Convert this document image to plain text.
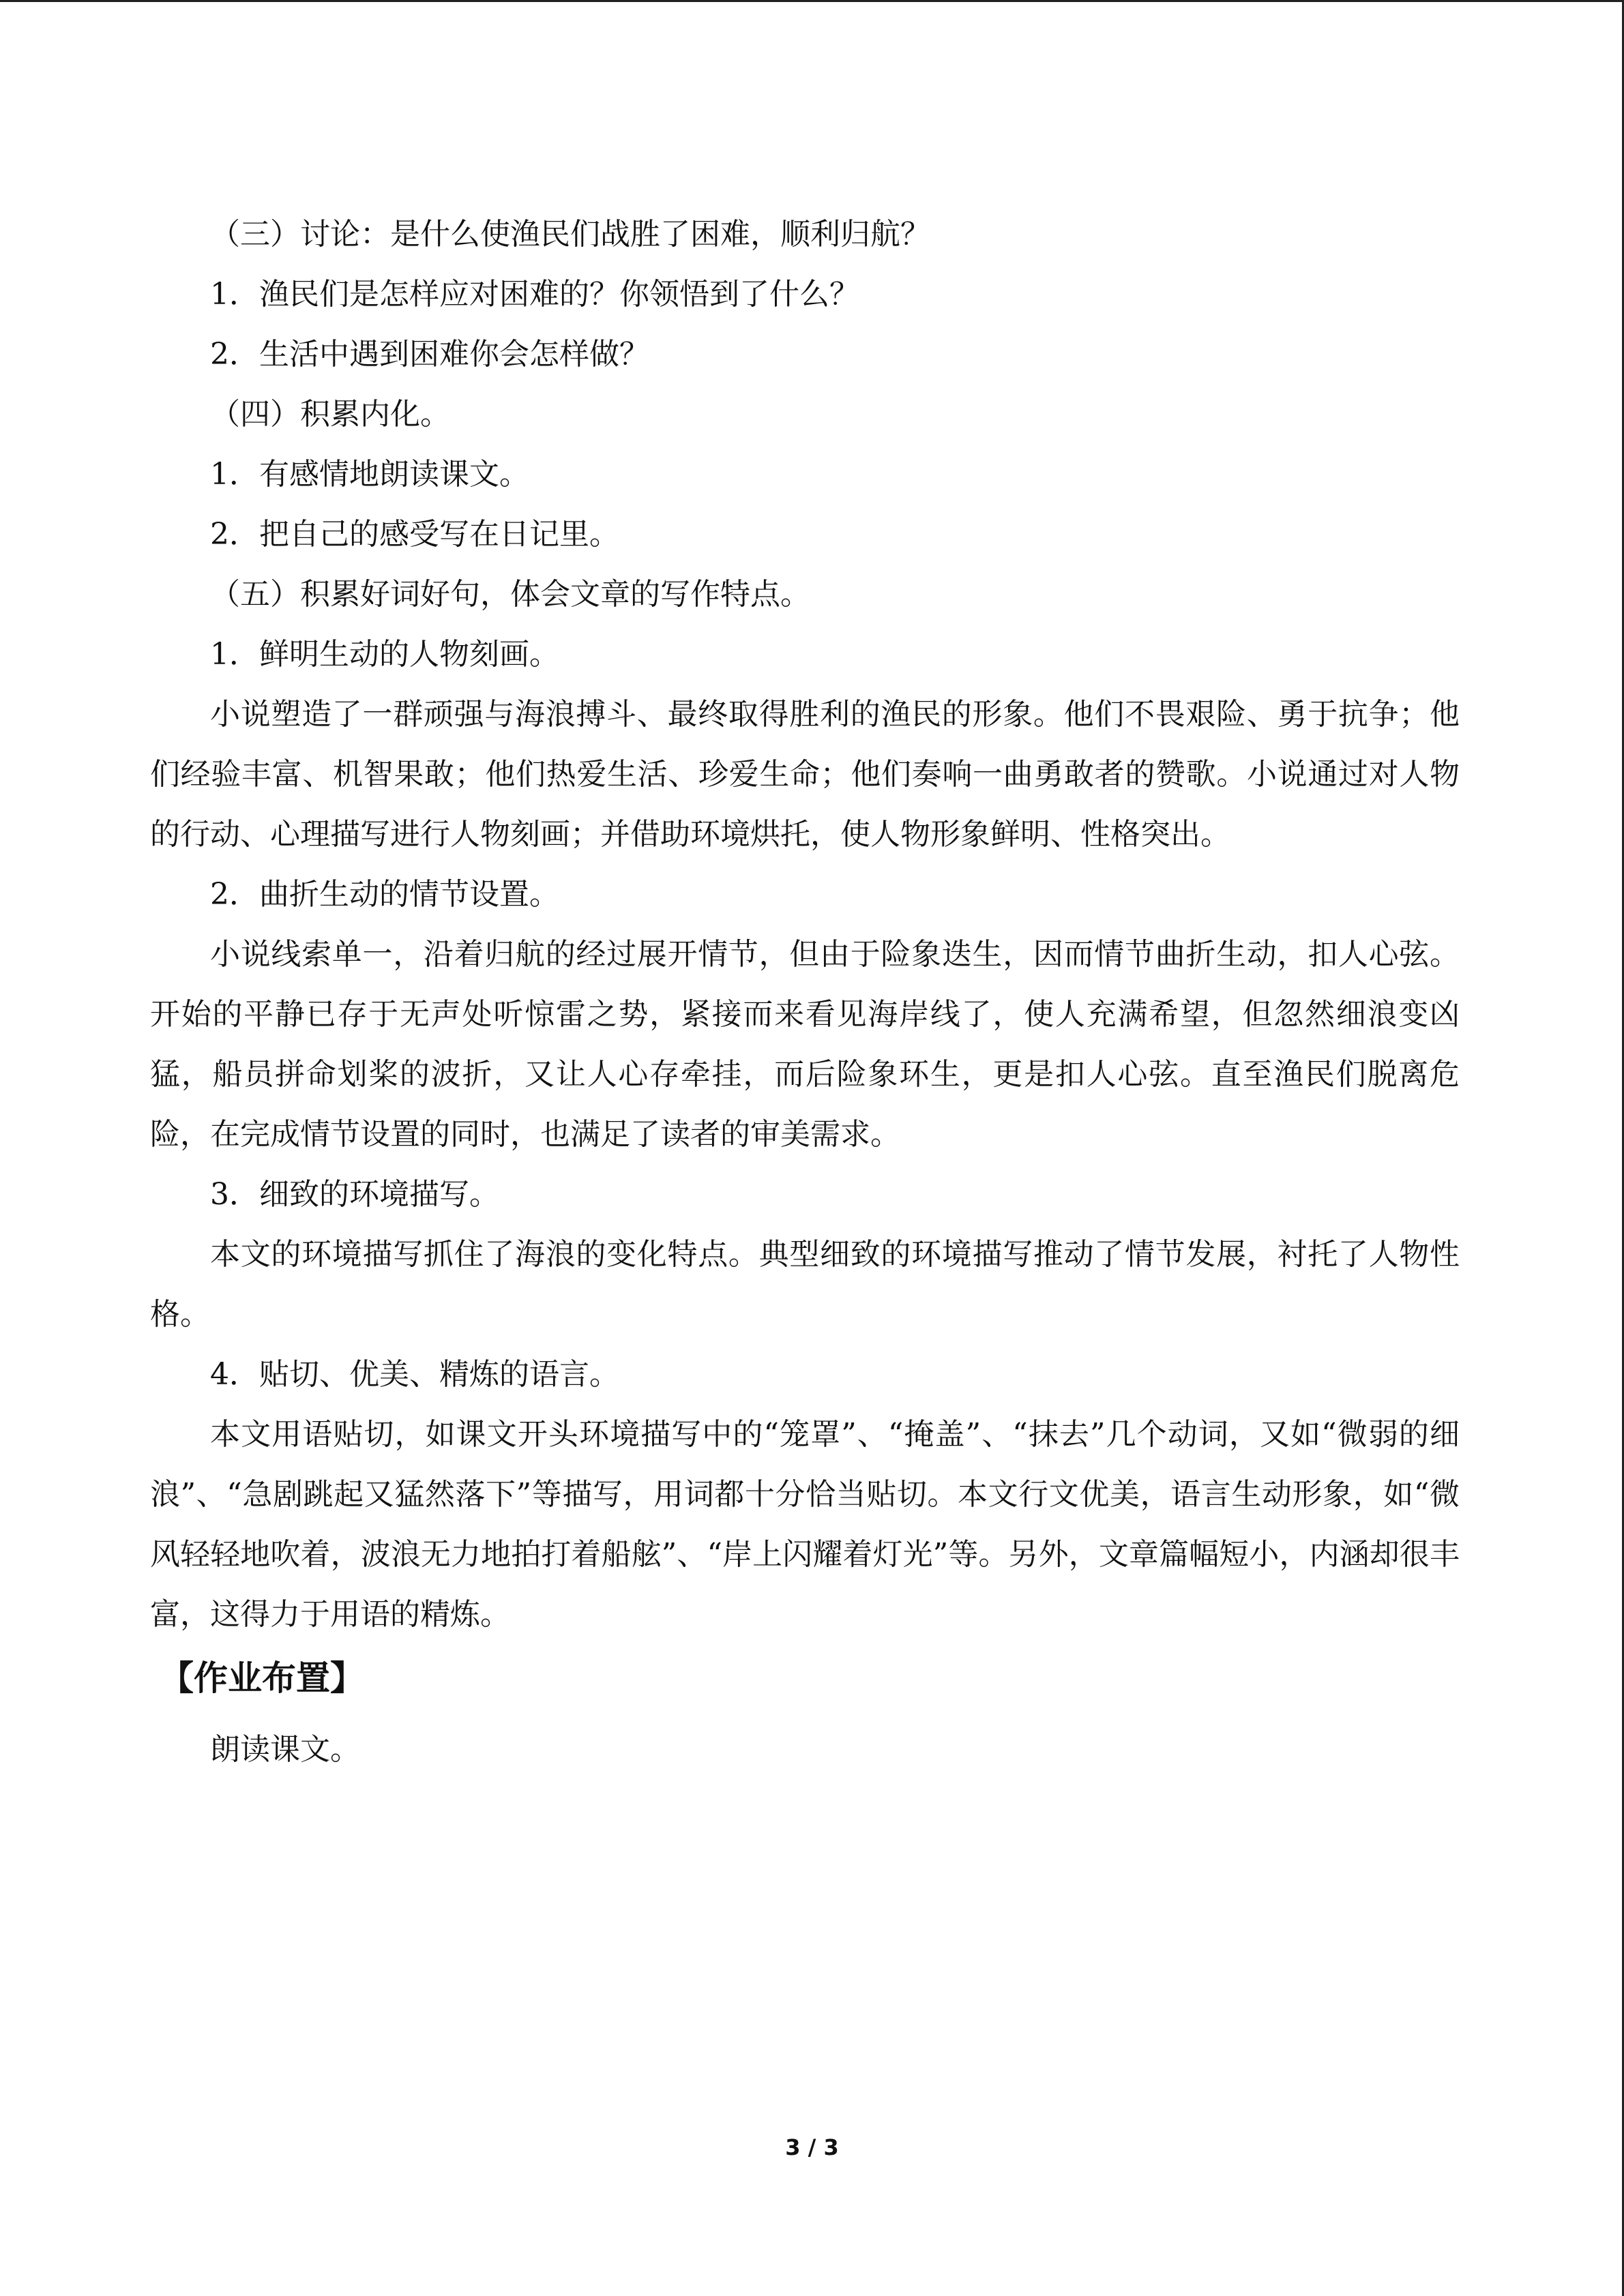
（三）讨论：是什么使渔民们战胜了困难，顺利归航？

1．渔民们是怎样应对困难的？你领悟到了什么？

2．生活中遇到困难你会怎样做？

（四）积累内化。

1．有感情地朗读课文。

2．把自己的感受写在日记里。

（五）积累好词好句，体会文章的写作特点。

1．鲜明生动的人物刻画。

小说塑造了一群顽强与海浪搏斗、最终取得胜利的渔民的形象。他们不畏艰险、勇于抗争；他们经验丰富、机智果敢；他们热爱生活、珍爱生命；他们奏响一曲勇敢者的赞歌。小说通过对人物的行动、心理描写进行人物刻画；并借助环境烘托，使人物形象鲜明、性格突出。

2．曲折生动的情节设置。

小说线索单一，沿着归航的经过展开情节，但由于险象迭生，因而情节曲折生动，扣人心弦。开始的平静已存于无声处听惊雷之势，紧接而来看见海岸线了，使人充满希望，但忽然细浪变凶猛，船员拼命划桨的波折，又让人心存牵挂，而后险象环生，更是扣人心弦。直至渔民们脱离危险，在完成情节设置的同时，也满足了读者的审美需求。

3．细致的环境描写。

本文的环境描写抓住了海浪的变化特点。典型细致的环境描写推动了情节发展，衬托了人物性格。

4．贴切、优美、精炼的语言。

本文用语贴切，如课文开头环境描写中的“笼罩”、“掩盖”、“抹去”几个动词，又如“微弱的细浪”、“急剧跳起又猛然落下”等描写，用词都十分恰当贴切。本文行文优美，语言生动形象，如“微风轻轻地吹着，波浪无力地拍打着船舷”、“岸上闪耀着灯光”等。另外，文章篇幅短小，内涵却很丰富，这得力于用语的精炼。

【作业布置】

朗读课文。

3 / 3
